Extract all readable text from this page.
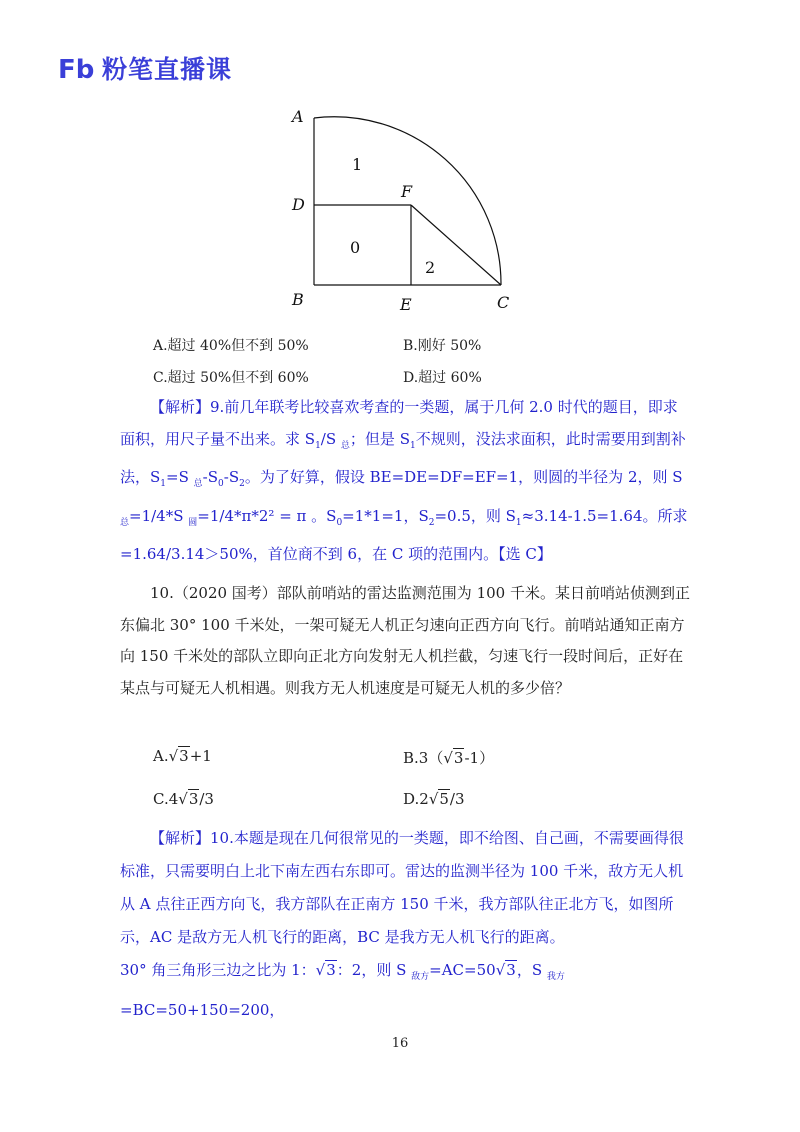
Fb 粉笔直播课
A
D
F
B	E	C
1
0
2
A.超过 40%但不到 50%	B.刚好 50%
C.超过 50%但不到 60%	D.超过 60%

【解析】9.前几年联考比较喜欢考查的一类题，属于几何 2.0 时代的题目，即求面积，用尺子量不出来。求 $S_1/S$ $_总$；但是 $S_1$不规则，没法求面积，此时需要用到割补法，$S_1=S$ $_总-S_0-S_2$。为了好算，假设 BE=DE=DF=EF=1，则圆的半径为 2，则 S $_总$=1/4*S $_圆$=1/4*π*2² = π 。$S_0=1*1=1$，$S_2=0.5$，则 $S_1\approx 3.14-1.5=1.64$。所求=1.64/3.14＞50%，首位商不到 6，在 C 项的范围内。【选 C】

10.（2020 国考）部队前哨站的雷达监测范围为 100 千米。某日前哨站侦测到正东偏北 30° 100 千米处，一架可疑无人机正匀速向正西方向飞行。前哨站通知正南方向 150 千米处的部队立即向正北方向发射无人机拦截，匀速飞行一段时间后，正好在某点与可疑无人机相遇。则我方无人机速度是可疑无人机的多少倍？

A.√3+1	B.3（√3-1）
C.4√3/3	D.2√5/3

【解析】10.本题是现在几何很常见的一类题，即不给图、自己画，不需要画得很标准，只需要明白上北下南左西右东即可。雷达的监测半径为 100 千米，敌方无人机从 A 点往正西方向飞，我方部队在正南方 150 千米，我方部队往正北方飞，如图所示，AC 是敌方无人机飞行的距离，BC 是我方无人机飞行的距离。

30° 角三角形三边之比为 1：√3：2，则 S $_{敌方}$=AC=50√3，S $_{我方}$=BC=50+150=200，

16
